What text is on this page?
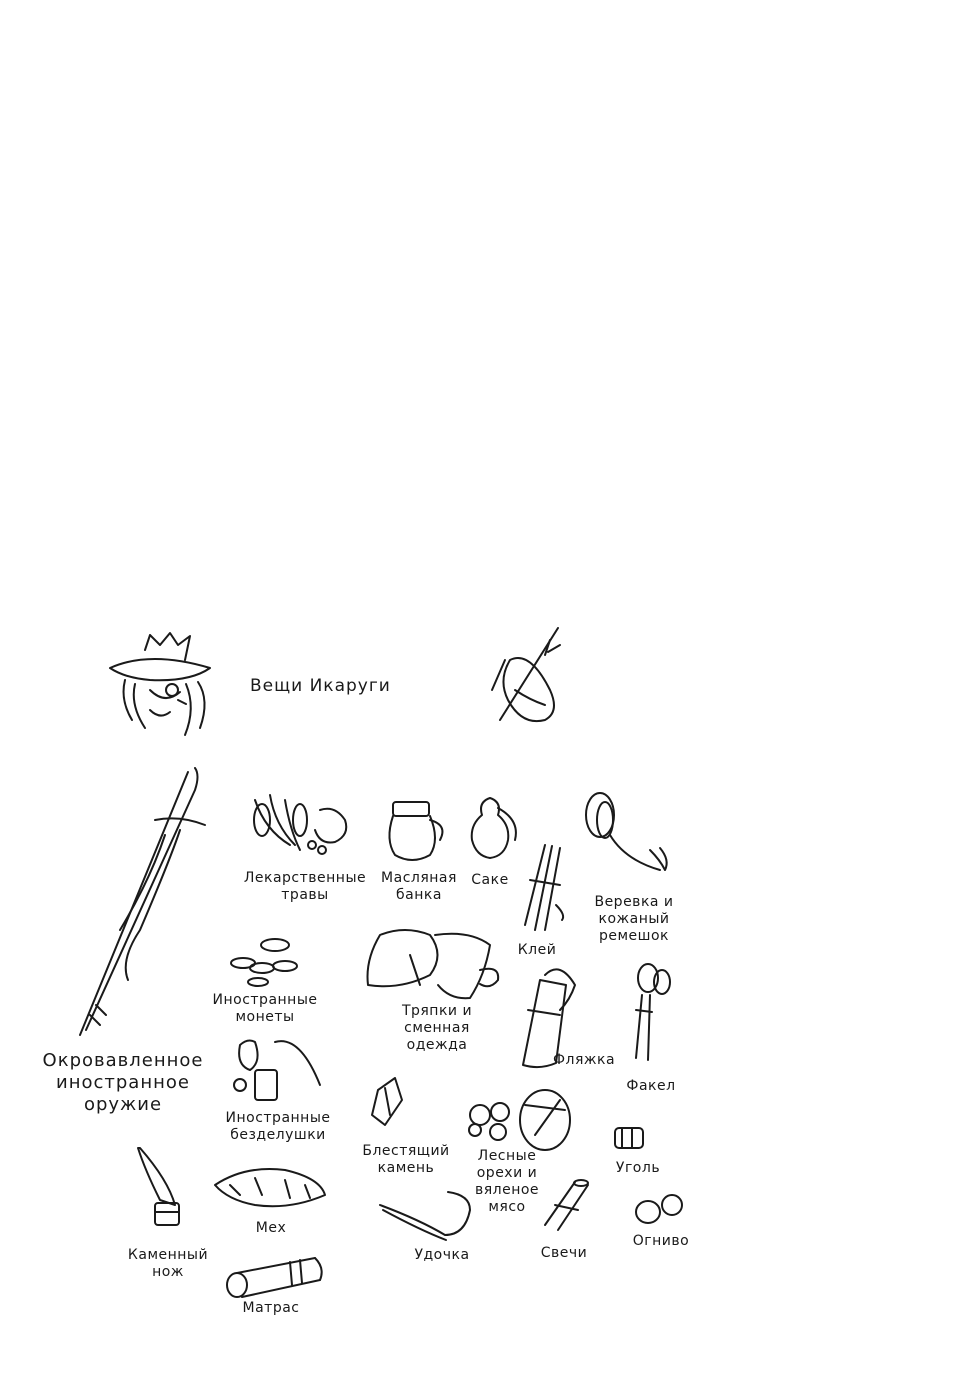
Вещи Икаруги
Окровавленное
иностранное
оружие
Лекарственные
травы
Масляная
банка
Саке
Клей
Веревка и
кожаный
ремешок
Иностранные
монеты	Тряпки и
сменная
одежда
Фляжка
Факел
Иностранные
безделушки
Блестящий
камень
Лесные
орехи и
вяленое
мясо
Уголь
Мех
Каменный
нож
Удочка	Свечи
Огниво
Матрас
